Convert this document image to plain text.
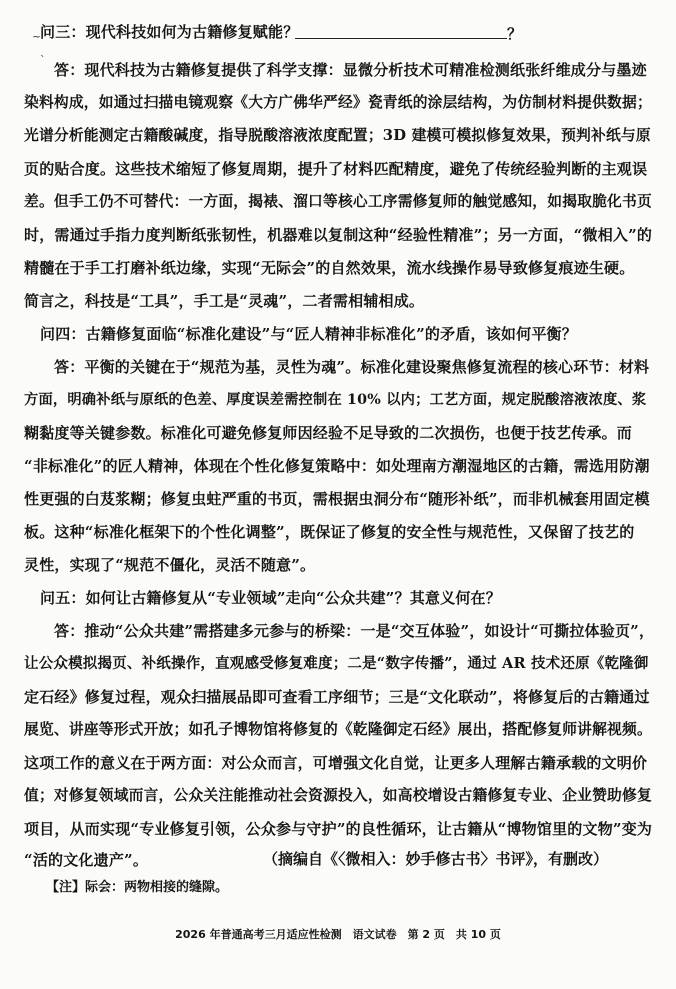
~
`
问三：现代科技如何为古籍修复赋能？	？
答：现代科技为古籍修复提供了科学支撑：显微分析技术可精准检测纸张纤维成分与墨迹
染料构成，如通过扫描电镜观察《大方广佛华严经》瓷青纸的涂层结构，为仿制材料提供数据；
光谱分析能测定古籍酸碱度，指导脱酸溶液浓度配置；3D 建模可模拟修复效果，预判补纸与原
页的贴合度。这些技术缩短了修复周期，提升了材料匹配精度，避免了传统经验判断的主观误
差。但手工仍不可替代：一方面，揭裱、溜口等核心工序需修复师的触觉感知，如揭取脆化书页
时，需通过手指力度判断纸张韧性，机器难以复制这种“经验性精准”；另一方面，“微相入”的
精髓在于手工打磨补纸边缘，实现“无际会”的自然效果，流水线操作易导致修复痕迹生硬。
简言之，科技是“工具”，手工是“灵魂”，二者需相辅相成。
问四：古籍修复面临“标准化建设”与“匠人精神非标准化”的矛盾，该如何平衡？
答：平衡的关键在于“规范为基，灵性为魂”。标准化建设聚焦修复流程的核心环节：材料
方面，明确补纸与原纸的色差、厚度误差需控制在 10% 以内；工艺方面，规定脱酸溶液浓度、浆
糊黏度等关键参数。标准化可避免修复师因经验不足导致的二次损伤，也便于技艺传承。而
“非标准化”的匠人精神，体现在个性化修复策略中：如处理南方潮湿地区的古籍，需选用防潮
性更强的白芨浆糊；修复虫蛀严重的书页，需根据虫洞分布“随形补纸”，而非机械套用固定模
板。这种“标准化框架下的个性化调整”，既保证了修复的安全性与规范性，又保留了技艺的
灵性，实现了“规范不僵化，灵活不随意”。
问五：如何让古籍修复从“专业领域”走向“公众共建”？其意义何在？
答：推动“公众共建”需搭建多元参与的桥梁：一是“交互体验”，如设计“可撕拉体验页”，
让公众模拟揭页、补纸操作，直观感受修复难度；二是“数字传播”，通过 AR 技术还原《乾隆御
定石经》修复过程，观众扫描展品即可查看工序细节；三是“文化联动”，将修复后的古籍通过
展览、讲座等形式开放；如孔子博物馆将修复的《乾隆御定石经》展出，搭配修复师讲解视频。
这项工作的意义在于两方面：对公众而言，可增强文化自觉，让更多人理解古籍承载的文明价
值；对修复领域而言，公众关注能推动社会资源投入，如高校增设古籍修复专业、企业赞助修复
项目，从而实现“专业修复引领，公众参与守护”的良性循环，让古籍从“博物馆里的文物”变为
“活的文化遗产”。	（摘编自《〈微相入：妙手修古书〉书评》，有删改）
【注】际会：两物相接的缝隙。
2026 年普通高考三月适应性检测　语文试卷　第 2 页　共 10 页
